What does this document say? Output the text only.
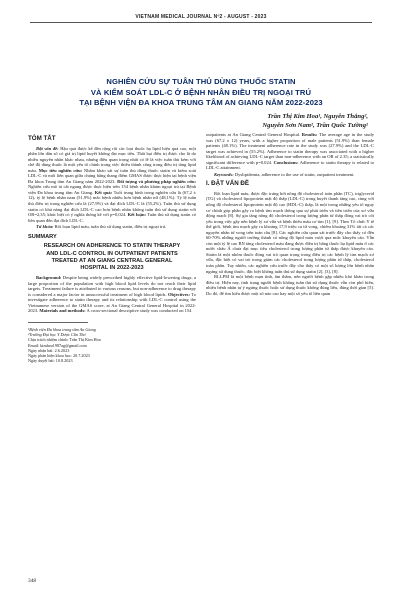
VIETNAM MEDICAL JOURNAL Nº2 - AUGUST - 2023
NGHIÊN CỨU SỰ TUÂN THỦ DÙNG THUỐC STATIN
VÀ KIỂM SOÁT LDL-C Ở BỆNH NHÂN ĐIỀU TRỊ NGOẠI TRÚ
TẠI BỆNH VIỆN ĐA KHOA TRUNG TÂM AN GIANG NĂM 2022-2023
Trần Thị Kim Hoa¹, Nguyễn Thắng²,
Nguyễn Sơn Nam², Trần Quốc Tường²
TÓM TẮT

Đặt vấn đề: Hậu quả được kể đến rộng rãi các loại thuốc hạ lipid hiệu quả cao, một phần lớn dân số có giá trị lipid huyết không đạt mục tiêu. Thất bại điều trị được cho là do nhiều nguyên nhân khác nhau, nhưng điều quan trọng nhất có lẽ là việc tuân thủ kém với chế độ dùng thuốc là một yếu tố chính trong việc thiếu thành công trong điều trị tăng lipid máu. Mục tiêu nghiên cứu: Nhằm khảo sát sự tuân thủ dùng thuốc statin và kiểm soát LDL-C và mối liên quan giữa chúng bằng thang điểm GMAS được thực hiện tại bệnh viện Đa khoa Trung tâm An Giang năm 2022-2023. Đối tượng và phương pháp nghiên cứu: Nghiên cứu mô tả cắt ngang được thực hiện trên 154 bệnh nhân khám ngoại trú tại Bệnh viện Đa khoa trung tâm An Giang. Kết quả: Tuổi trung bình trong nghiên cứu là (67,2 ± 12), tỷ lệ bệnh nhân nam (51,9%) mắc bệnh nhiều hơn bệnh nhân nữ (48,1%). Tỷ lệ tuân thủ điều trị trong nghiên cứu là (27,9%) và đạt đích LDL-C là (55,2%). Tuân thủ sử dụng statin có khả năng đạt đích LDL-C cao hơn bệnh nhân không tuân thủ sử dụng statin với OR=2,35; khác biệt có ý nghĩa thống kê với p=0,024. Kết luận: Tuân thủ sử dụng statin có liên quan đến đạt đích LDL-C.

Từ khóa: Rối loạn lipid máu, tuân thủ sử dụng statin, điều trị ngoại trú.

SUMMARY
RESEARCH ON ADHERENCE TO STATIN THERAPY
AND LDL-C CONTROL IN OUTPATIENT PATIENTS
TREATED AT AN GIANG CENTRAL GENERAL
HOSPITAL IN 2022-2023

Background: Despite being widely prescribed highly effective lipid-lowering drugs, a large proportion of the population with high blood lipid levels do not reach their lipid targets. Treatment failure is attributed to various reasons, but non-adherence to drug therapy is considered a major factor in unsuccessful treatment of high blood lipids. Objectives: To investigate adherence to statin therapy and its relationship with LDL-C control using the Vietnamese version of the GMAS score, at An Giang Central General Hospital in 2022-2023. Materials and methods: A cross-sectional descriptive study was conducted on 154

¹Bệnh viện Đa khoa trung tâm An Giang
²Trường Đại học Y Dược Cần Thơ
Chịu trách nhiệm chính: Trần Thị Kim Hoa
Email: kimhoa1987ag@gmail.com
Ngày nhận bài: 2.6.2023
Ngày phản biện khoa học: 20.7.2023
Ngày duyệt bài: 10.8.2023

outpatients at An Giang Central General Hospital. Results: The average age in the study was (67.2 ± 12) years, with a higher proportion of male patients (51.9%) than female patients (48.1%). The treatment adherence rate in the study was (27.9%) and the LDL-C target was achieved in (55.2%). Adherence to statin therapy was associated with a higher likelihood of achieving LDL-C target than non-adherence with an OR of 2.35; a statistically significant difference with p=0.024. Conclusions: Adherence to statin therapy is related to LDL-C attainment.

Keywords: Dyslipidemia, adherence to the use of statin, outpatient treatment.

I. ĐẶT VẤN ĐỀ

Rối loạn lipid máu, được đặc trưng bởi nồng độ cholesterol toàn phần (TC), triglycerid (TG) và cholesterol lipoprotein mật độ thấp (LDL-C) trong huyết thanh tăng cao, cùng với nồng độ cholesterol lipoprotein mật độ cao (HDL-C) thấp, là một trong những yếu tố nguy cơ chính góp phần gây ra bệnh tim mạch thông qua sự phát triển và tiến triển của xơ vữa động mạch [8]. Sự gia tăng nồng độ cholesterol trong lượng phân tử thấp đóng vai trò cốt yếu trong việc gây nên bệnh lý xơ vữa và bệnh thiếu máu cơ tim [1], [9]. Theo Tổ chức Y tế thế giới, bệnh tim mạch gây ra khoảng 17,9 triệu ca tử vong, chiếm khoảng 31% tất cả các nguyên nhân tử vong trên toàn cầu [8]. Các nghiên cứu quan sát trước đây cho thấy có đến 60-70% những người trưởng thành có nồng độ lipid máu vượt qua mức khuyến cáo. Vẫn còn một tỷ lệ cao BN tăng cholesterol máu đang được điều trị bằng thuốc hạ lipid máu ở các nước châu Á chưa đạt mục tiêu cholesterol trong lượng phân tử thấp được khuyến cáo. Statin là một nhóm thuốc đóng vai trò quan trọng trong điều trị các bệnh lý tim mạch xơ vữa, đặc biệt có vai trò trong giảm các cholesterol trong lượng phân tử thấp, cholesterol toàn phần. Tuy nhiên, các nghiên cứu trước đây cho thấy có một số lượng lớn bệnh nhân ngưng sử dụng thuốc, đặc biệt không tuân thủ sử dụng statin [2], [3], [8].

RLLPM là một bệnh mạn tính, âm thầm, nên người bệnh gặp nhiều khó khăn trong điều trị. Hiện nay, tình trạng người bệnh không tuân thủ sử dụng thuốc vẫn còn phổ biến, nhiều bệnh nhân tự ý ngưng thuốc hoặc sử dụng thuốc không đúng liều, đúng thời gian [5]. Do đó, để tìm hiểu được một số nào cao hay một số yếu tố liên quan

348
